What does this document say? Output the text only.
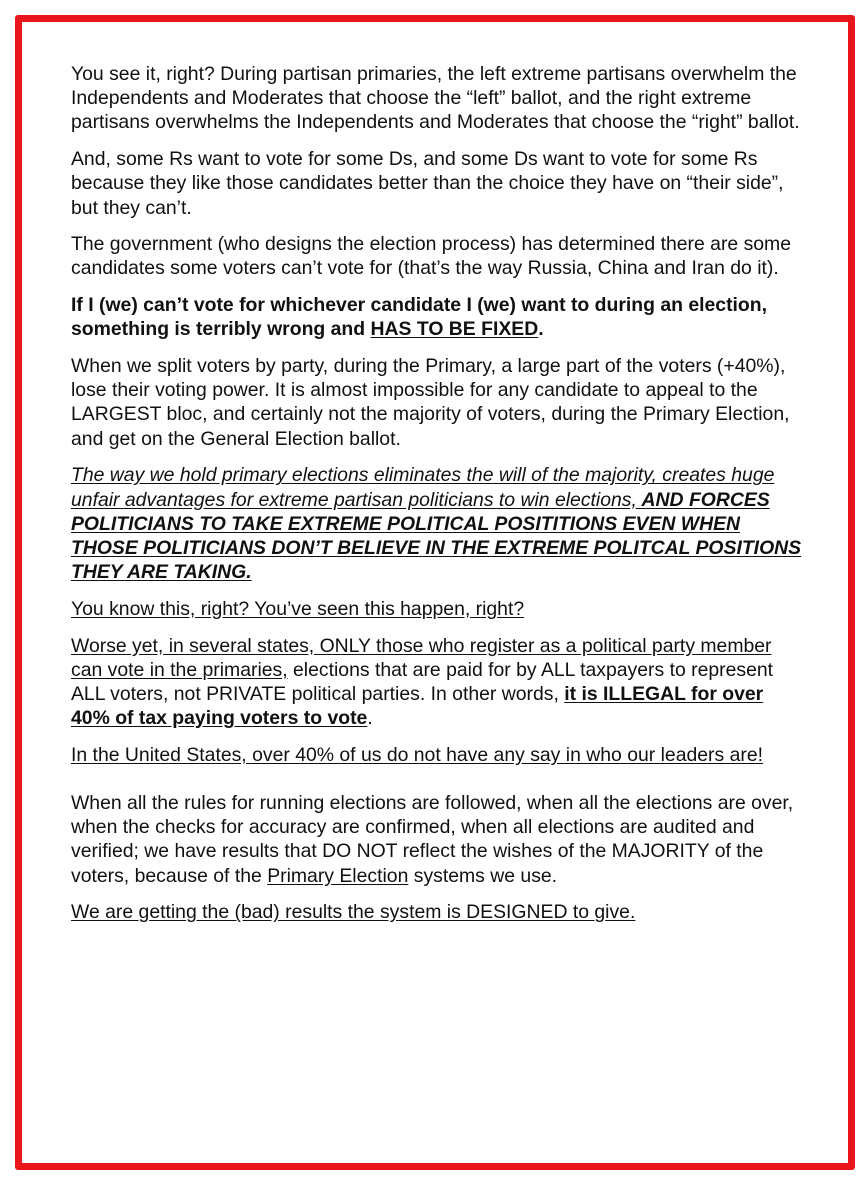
You see it, right? During partisan primaries, the left extreme partisans overwhelm the Independents and Moderates that choose the “left” ballot, and the right extreme partisans overwhelms the Independents and Moderates that choose the “right” ballot.

And, some Rs want to vote for some Ds, and some Ds want to vote for some Rs because they like those candidates better than the choice they have on “their side”, but they can’t.

The government (who designs the election process) has determined there are some candidates some voters can’t vote for (that’s the way Russia, China and Iran do it).

If I (we) can’t vote for whichever candidate I (we) want to during an election, something is terribly wrong and HAS TO BE FIXED.

When we split voters by party, during the Primary, a large part of the voters (+40%), lose their voting power. It is almost impossible for any candidate to appeal to the LARGEST bloc, and certainly not the majority of voters, during the Primary Election, and get on the General Election ballot.

The way we hold primary elections eliminates the will of the majority, creates huge unfair advantages for extreme partisan politicians to win elections, AND FORCES POLITICIANS TO TAKE EXTREME POLITICAL POSITITIONS EVEN WHEN THOSE POLITICIANS DON’T BELIEVE IN THE EXTREME POLITCAL POSITIONS THEY ARE TAKING.

You know this, right? You’ve seen this happen, right?

Worse yet, in several states, ONLY those who register as a political party member can vote in the primaries, elections that are paid for by ALL taxpayers to represent ALL voters, not PRIVATE political parties. In other words, it is ILLEGAL for over 40% of tax paying voters to vote.

In the United States, over 40% of us do not have any say in who our leaders are!

When all the rules for running elections are followed, when all the elections are over, when the checks for accuracy are confirmed, when all elections are audited and verified; we have results that DO NOT reflect the wishes of the MAJORITY of the voters, because of the Primary Election systems we use.

We are getting the (bad) results the system is DESIGNED to give.
